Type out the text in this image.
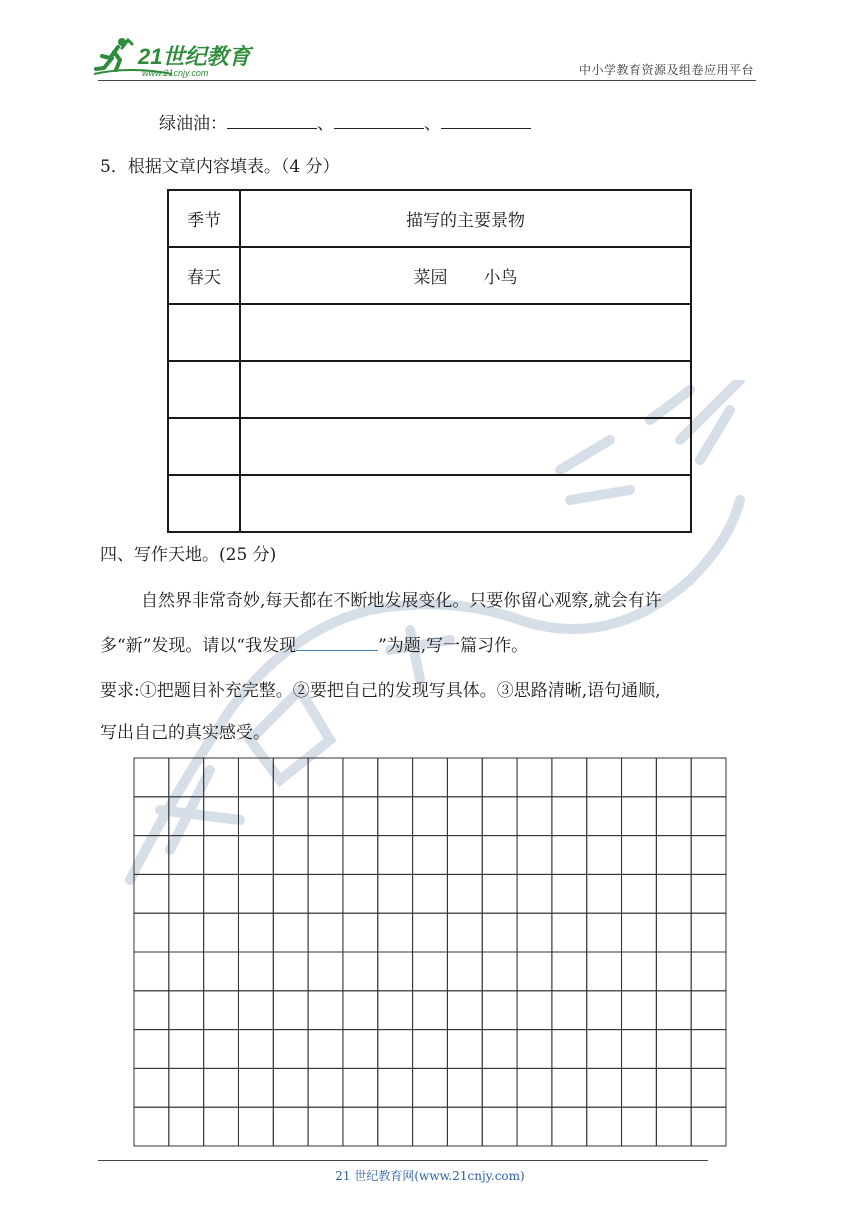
21世纪教育
www.21cnjy.com	中小学教育资源及组卷应用平台
绿油油：	、	、
5．根据文章内容填表。（4 分）
季节	描写的主要景物
春天	菜园 小鸟

四、写作天地。(25 分)
自然界非常奇妙,每天都在不断地发展变化。只要你留心观察,就会有许
多“新”发现。请以“我发现	”为题,写一篇习作。
要求:①把题目补充完整。②要把自己的发现写具体。③思路清晰,语句通顺,
写出自己的真实感受。
21 世纪教育网(www.21cnjy.com)
